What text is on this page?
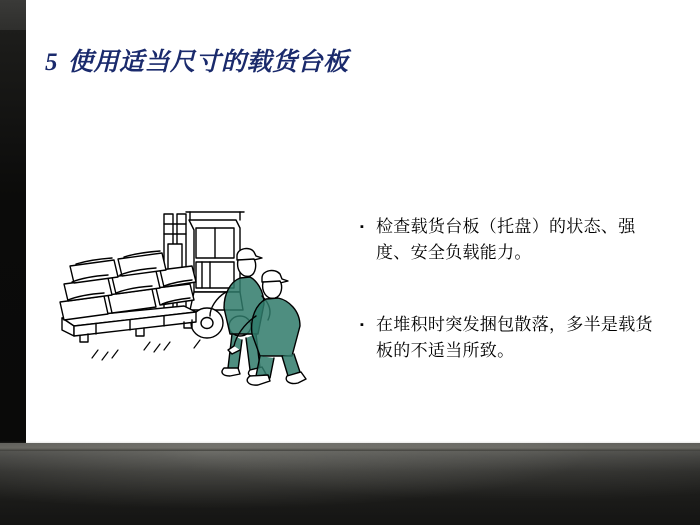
5 使用适当尺寸的载货台板
▪ 检查载货台板（托盘）的状态、强度、安全负载能力。
▪ 在堆积时突发捆包散落，多半是载货板的不适当所致。
